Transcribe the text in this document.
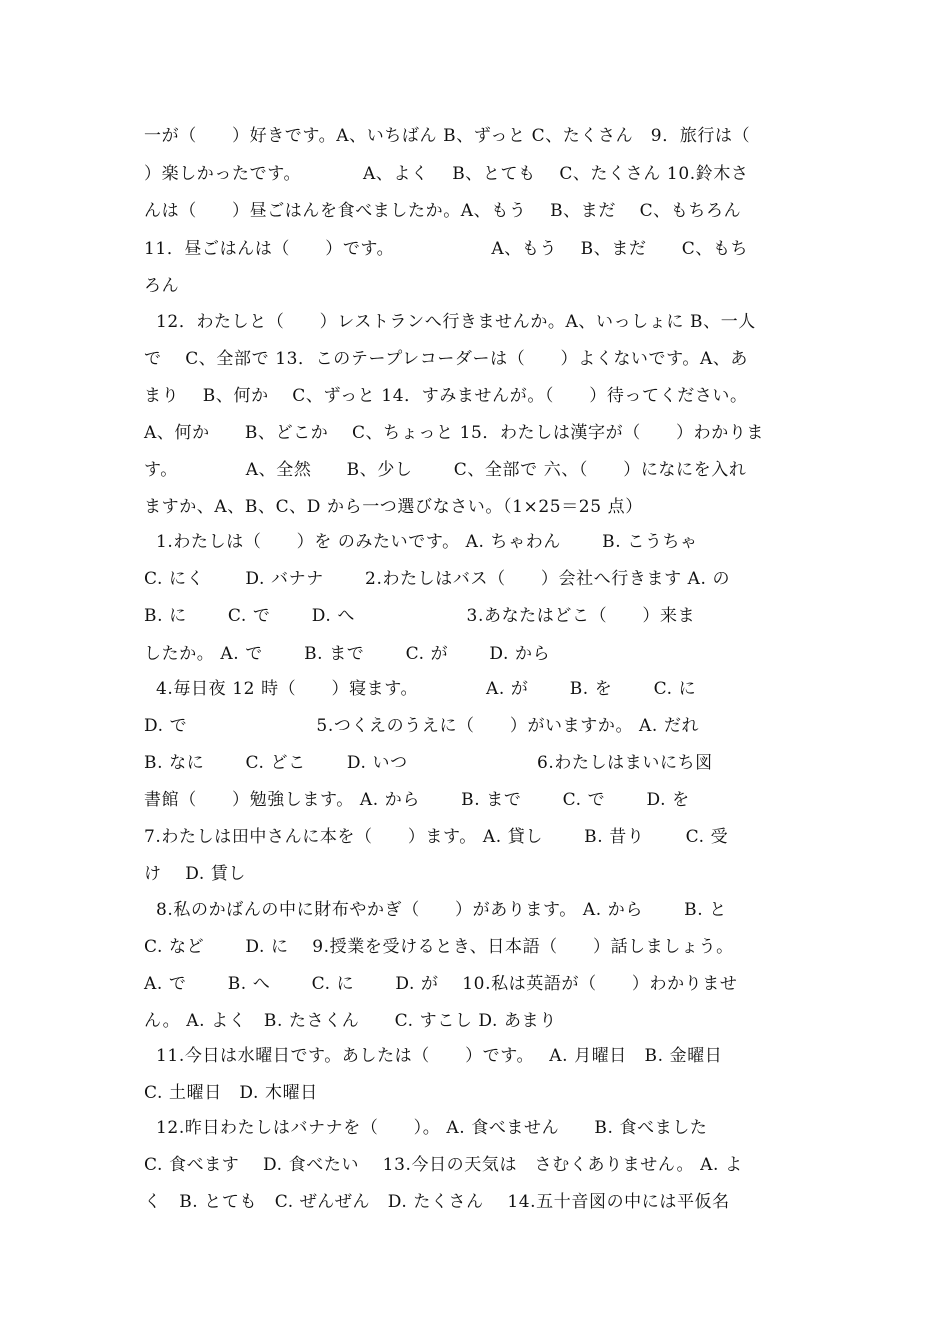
一が（　　）好きです。A、いちばん B、ずっと C、たくさん　9．旅行は（
）楽しかったです。　　　　A、よく　 B、とても　 C、たくさん 10.鈴木さ
んは（　　）昼ごはんを食べましたか。A、もう　 B、まだ　 C、もちろん
11．昼ごはんは（　　）です。　　　　　　A、もう　 B、まだ　　C、もち
ろん
12．わたしと（　　）レストランへ行きませんか。A、いっしょに B、一人
で　 C、全部で 13．このテープレコーダーは（　　）よくないです。A、あ
まり　 B、何か　 C、ずっと 14．すみませんが。（　　）待ってください。
A、何か　　B、どこか　 C、ちょっと 15．わたしは漢字が（　　）わかりま
す。　　　　 A、全然　　B、少し　　 C、全部で 六、（　　）になにを入れ
ますか、A、B、C、D から一つ選びなさい。（1×25＝25 点）
1.わたしは（　　）を のみたいです。 A. ちゃわん　　 B. こうちゃ
C. にく　　 D. バナナ　　 2.わたしはバス（　　）会社へ行きます A. の
B. に　　 C. で　　 D. へ　　　　　　 3.あなたはどこ（　　）来ま
したか。 A. で　　 B. まで　　 C. が　　 D. から
4.毎日夜 12 時（　　）寝ます。　　　　 A. が　　 B. を　　 C. に
D. で　　　　　　　 5.つくえのうえに（　　）がいますか。 A. だれ
B. なに　　 C. どこ　　 D. いつ　　　　　　　 6.わたしはまいにち図
書館（　　）勉強します。 A. から　　 B. まで　　 C. で　　 D. を
7.わたしは田中さんに本を（　　）ます。 A. 貸し　　 B. 昔り　　 C. 受
け　 D. 賃し
8.私のかばんの中に財布やかぎ（　　）があります。 A. から　　 B. と
C. など　　 D. に　 9.授業を受けるとき、日本語（　　）話しましょう。
A. で　　 B. へ　　 C. に　　 D. が　 10.私は英語が（　　）わかりませ
ん。 A. よく　B. たさくん　　C. すこし D. あまり
11.今日は水曜日です。あしたは（　　）です。　 A. 月曜日　B. 金曜日
C. 土曜日　D. 木曜日
12.昨日わたしはバナナを（　　）。 A. 食べません　　B. 食べました
C. 食べます　 D. 食べたい　 13.今日の天気は　さむくありません。 A. よ
く　B. とても　C. ぜんぜん　D. たくさん　 14.五十音図の中には平仮名
